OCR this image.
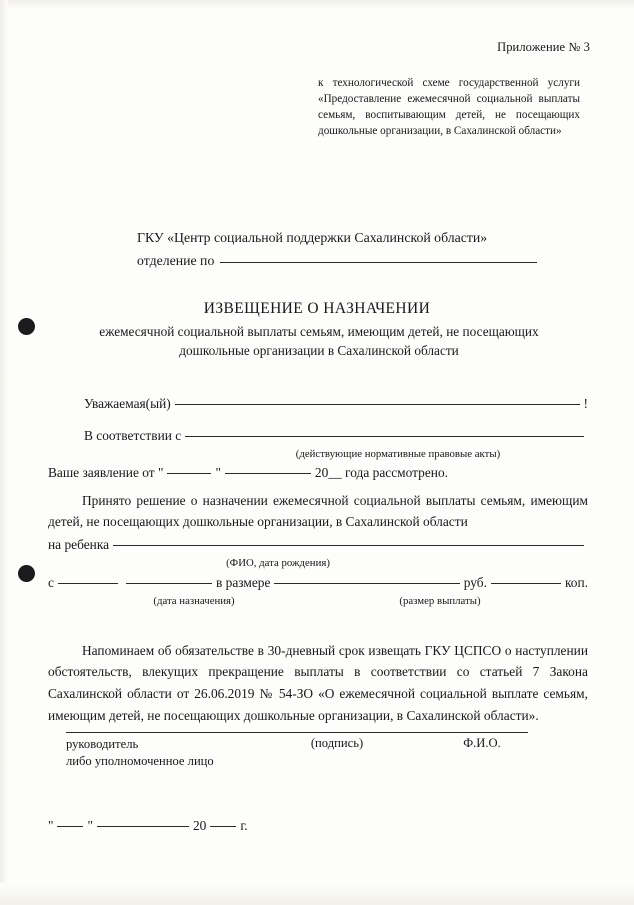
Приложение № 3
к технологической схеме государственной услуги «Предоставление ежемесячной социальной выплаты семьям, воспитывающим детей, не посещающих дошкольные организации, в Сахалинской области»
ГКУ «Центр социальной поддержки Сахалинской области»
отделение по
ИЗВЕЩЕНИЕ О НАЗНАЧЕНИИ
ежемесячной социальной выплаты семьям, имеющим детей, не посещающих дошкольные организации в Сахалинской области
Уважаемая(ый)	!
В соответствии с
(действующие нормативные правовые акты)
Ваше заявление от "	"	20__ года рассмотрено.
Принято решение о назначении ежемесячной социальной выплаты семьям, имеющим детей, не посещающих дошкольные организации, в Сахалинской области
на ребенка
(ФИО, дата рождения)
с	в размере	руб.	коп.
(дата назначения)	(размер выплаты)
Напоминаем об обязательстве в 30-дневный срок извещать ГКУ ЦСПСО о наступлении обстоятельств, влекущих прекращение выплаты в соответствии со статьей 7 Закона Сахалинской области от 26.06.2019 № 54-ЗО «О ежемесячной социальной выплате семьям, имеющим детей, не посещающих дошкольные организации, в Сахалинской области».
руководитель
либо уполномоченное лицо
(подпись)	Ф.И.О.
"	"	20	г.
